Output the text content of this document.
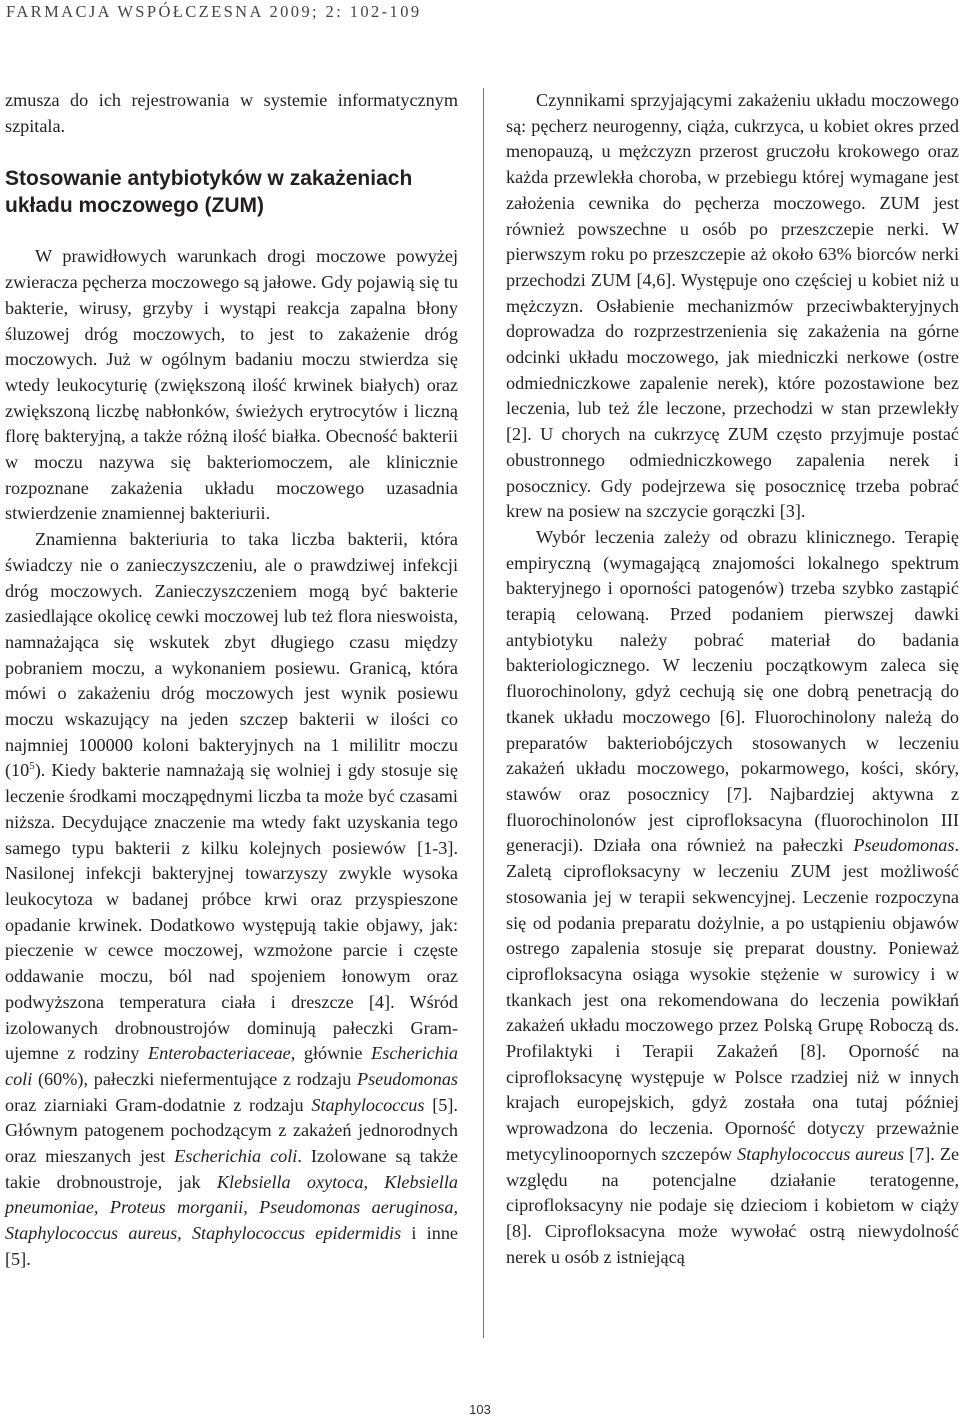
FARMACJA WSPÓŁCZESNA 2009; 2: 102-109

zmusza do ich rejestrowania w systemie informatycznym szpitala.

Stosowanie antybiotyków w zakażeniach układu moczowego (ZUM)

W prawidłowych warunkach drogi moczowe powyżej zwieracza pęcherza moczowego są jałowe. Gdy pojawią się tu bakterie, wirusy, grzyby i wystąpi reakcja zapalna błony śluzowej dróg moczowych, to jest to zakażenie dróg moczowych. Już w ogólnym badaniu moczu stwierdza się wtedy leukocyturię (zwiększoną ilość krwinek białych) oraz zwiększoną liczbę nabłonków, świeżych erytrocytów i liczną florę bakteryjną, a także różną ilość białka. Obecność bakterii w moczu nazywa się bakteriomoczem, ale klinicznie rozpoznane zakażenia układu moczowego uzasadnia stwierdzenie znamiennej bakteriurii.

Znamienna bakteriuria to taka liczba bakterii, która świadczy nie o zanieczyszczeniu, ale o prawdziwej infekcji dróg moczowych. Zanieczyszczeniem mogą być bakterie zasiedlające okolicę cewki moczowej lub też flora nieswoista, namnażająca się wskutek zbyt długiego czasu między pobraniem moczu, a wykonaniem posiewu. Granicą, która mówi o zakażeniu dróg moczowych jest wynik posiewu moczu wskazujący na jeden szczep bakterii w ilości co najmniej 100000 koloni bakteryjnych na 1 mililitr moczu $(10^5)$. Kiedy bakterie namnażają się wolniej i gdy stosuje się leczenie środkami mocząpędnymi liczba ta może być czasami niższa. Decydujące znaczenie ma wtedy fakt uzyskania tego samego typu bakterii z kilku kolejnych posiewów [1-3]. Nasilonej infekcji bakteryjnej towarzyszy zwykle wysoka leukocytoza w badanej próbce krwi oraz przyspieszone opadanie krwinek. Dodatkowo występują takie objawy, jak: pieczenie w cewce moczowej, wzmożone parcie i częste oddawanie moczu, ból nad spojeniem łonowym oraz podwyższona temperatura ciała i dreszcze [4]. Wśród izolowanych drobnoustrojów dominują pałeczki Gram-ujemne z rodziny Enterobacteriaceae, głównie Escherichia coli (60%), pałeczki niefermentujące z rodzaju Pseudomonas oraz ziarniaki Gram-dodatnie z rodzaju Staphylococcus [5]. Głównym patogenem pochodzącym z zakażeń jednorodnych oraz mieszanych jest Escherichia coli. Izolowane są także takie drobnoustroje, jak Klebsiella oxytoca, Klebsiella pneumoniae, Proteus morganii, Pseudomonas aeruginosa, Staphylococcus aureus, Staphylococcus epidermidis i inne [5].

Czynnikami sprzyjającymi zakażeniu układu moczowego są: pęcherz neurogenny, ciąża, cukrzyca, u kobiet okres przed menopauzą, u mężczyzn przerost gruczołu krokowego oraz każda przewlekła choroba, w przebiegu której wymagane jest założenia cewnika do pęcherza moczowego. ZUM jest również powszechne u osób po przeszczepie nerki. W pierwszym roku po przeszczepie aż około 63% biorców nerki przechodzi ZUM [4,6]. Występuje ono częściej u kobiet niż u mężczyzn. Osłabienie mechanizmów przeciwbakteryjnych doprowadza do rozprzestrzenienia się zakażenia na górne odcinki układu moczowego, jak miedniczki nerkowe (ostre odmiedniczkowe zapalenie nerek), które pozostawione bez leczenia, lub też źle leczone, przechodzi w stan przewlekły [2]. U chorych na cukrzycę ZUM często przyjmuje postać obustronnego odmiedniczkowego zapalenia nerek i posocznicy. Gdy podejrzewa się posocznicę trzeba pobrać krew na posiew na szczycie gorączki [3].

Wybór leczenia zależy od obrazu klinicznego. Terapię empiryczną (wymagającą znajomości lokalnego spektrum bakteryjnego i oporności patogenów) trzeba szybko zastąpić terapią celowaną. Przed podaniem pierwszej dawki antybiotyku należy pobrać materiał do badania bakteriologicznego. W leczeniu początkowym zaleca się fluorochinolony, gdyż cechują się one dobrą penetracją do tkanek układu moczowego [6]. Fluorochinolony należą do preparatów bakteriobójczych stosowanych w leczeniu zakażeń układu moczowego, pokarmowego, kości, skóry, stawów oraz posocznicy [7]. Najbardziej aktywna z fluorochinolonów jest ciprofloksacyna (fluorochinolon III generacji). Działa ona również na pałeczki Pseudomonas. Zaletą ciprofloksacyny w leczeniu ZUM jest możliwość stosowania jej w terapii sekwencyjnej. Leczenie rozpoczyna się od podania preparatu dożylnie, a po ustąpieniu objawów ostrego zapalenia stosuje się preparat doustny. Ponieważ ciprofloksacyna osiąga wysokie stężenie w surowicy i w tkankach jest ona rekomendowana do leczenia powikłań zakażeń układu moczowego przez Polską Grupę Roboczą ds. Profilaktyki i Terapii Zakażeń [8]. Oporność na ciprofloksacynę występuje w Polsce rzadziej niż w innych krajach europejskich, gdyż została ona tutaj później wprowadzona do leczenia. Oporność dotyczy przeważnie metycylinoopornych szczepów Staphylococcus aureus [7]. Ze względu na potencjalne działanie teratogenne, ciprofloksacyny nie podaje się dzieciom i kobietom w ciąży [8]. Ciprofloksacyna może wywołać ostrą niewydolność nerek u osób z istniejącą

103
